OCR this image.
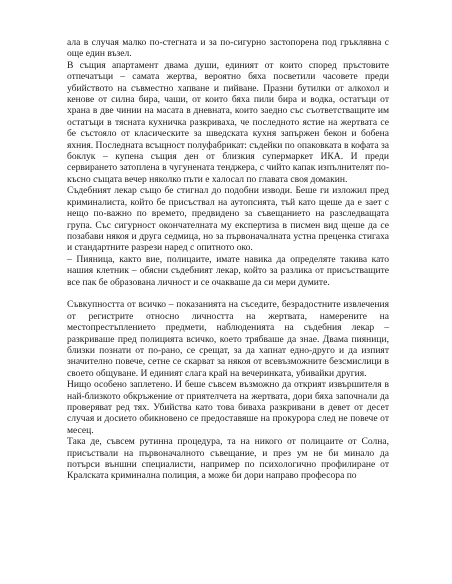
ала в случая малко по-стегната и за по-сигурно застопорена под гръклявна с още един възел.

В същия апартамент двама души, единият от които според пръстовите отпечатъци – самата жертва, вероятно бяха посветили часовете преди убийството на съвместно хапване и пийване. Празни бутилки от алкохол и кенове от силна бира, чаши, от които бяха пили бира и водка, остатъци от храна в две чинии на масата в дневната, които заедно със съответстващите им остатъци в тясната кухничка разкриваха, че последното ястие на жертвата се бе състояло от класическите за шведската кухня запържен бекон и бобена яхния. Последната всъщност полуфабрикат: съдейки по опаковката в кофата за боклук – купена същия ден от близкия супермаркет ИКА. И преди сервирането затоплена в чугунената тенджера, с чийто капак изпълнителят по-късно същата вечер няколко пъти е халосал по главата своя домакин.

Съдебният лекар също бе стигнал до подобни изводи. Беше ги изложил пред криминалиста, който бе присъствал на аутопсията, тъй като щеше да е зает с нещо по-важно по времето, предвидено за съвещанието на разследващата група. Със сигурност окончателната му експертиза в писмен вид щеше да се позабави някоя и друга седмица, но за първоначалната устна преценка стигаха и стандартните разрези наред с опитното око.

– Пияница, както вие, полицаите, имате навика да определяте такива като нашия клетник – обясни съдебният лекар, който за разлика от присъстващите все пак бе образована личност и се очакваше да си мери думите.

Съвкупността от всичко – показанията на съседите, безрадостните извлечения от регистрите относно личността на жертвата, намерените на местопрестъплението предмети, наблюденията на съдебния лекар – разкриваше пред полицията всичко, което трябваше да знае. Двама пияници, близки познати от по-рано, се срещат, за да хапнат едно-друго и да изпият значително повече, сетне се скарват за някоя от всевъзможните безсмислици в своето общуване. И единият слага край на вечеринката, убивайки другия.

Нищо особено заплетено. И беше съвсем възможно да открият извършителя в най-близкото обкръжение от приятелчета на жертвата, дори бяха започнали да проверяват ред тях. Убийства като това биваха разкривани в девет от десет случая и досието обикновено се предоставяше на прокурора след не повече от месец.

Така де, съвсем рутинна процедура, та на никого от полицаите от Солна, присъствали на първоначалното съвещание, и през ум не би минало да потърси външни специалисти, например по психологично профилиране от Кралската криминална полиция, а може би дори направо професора по
